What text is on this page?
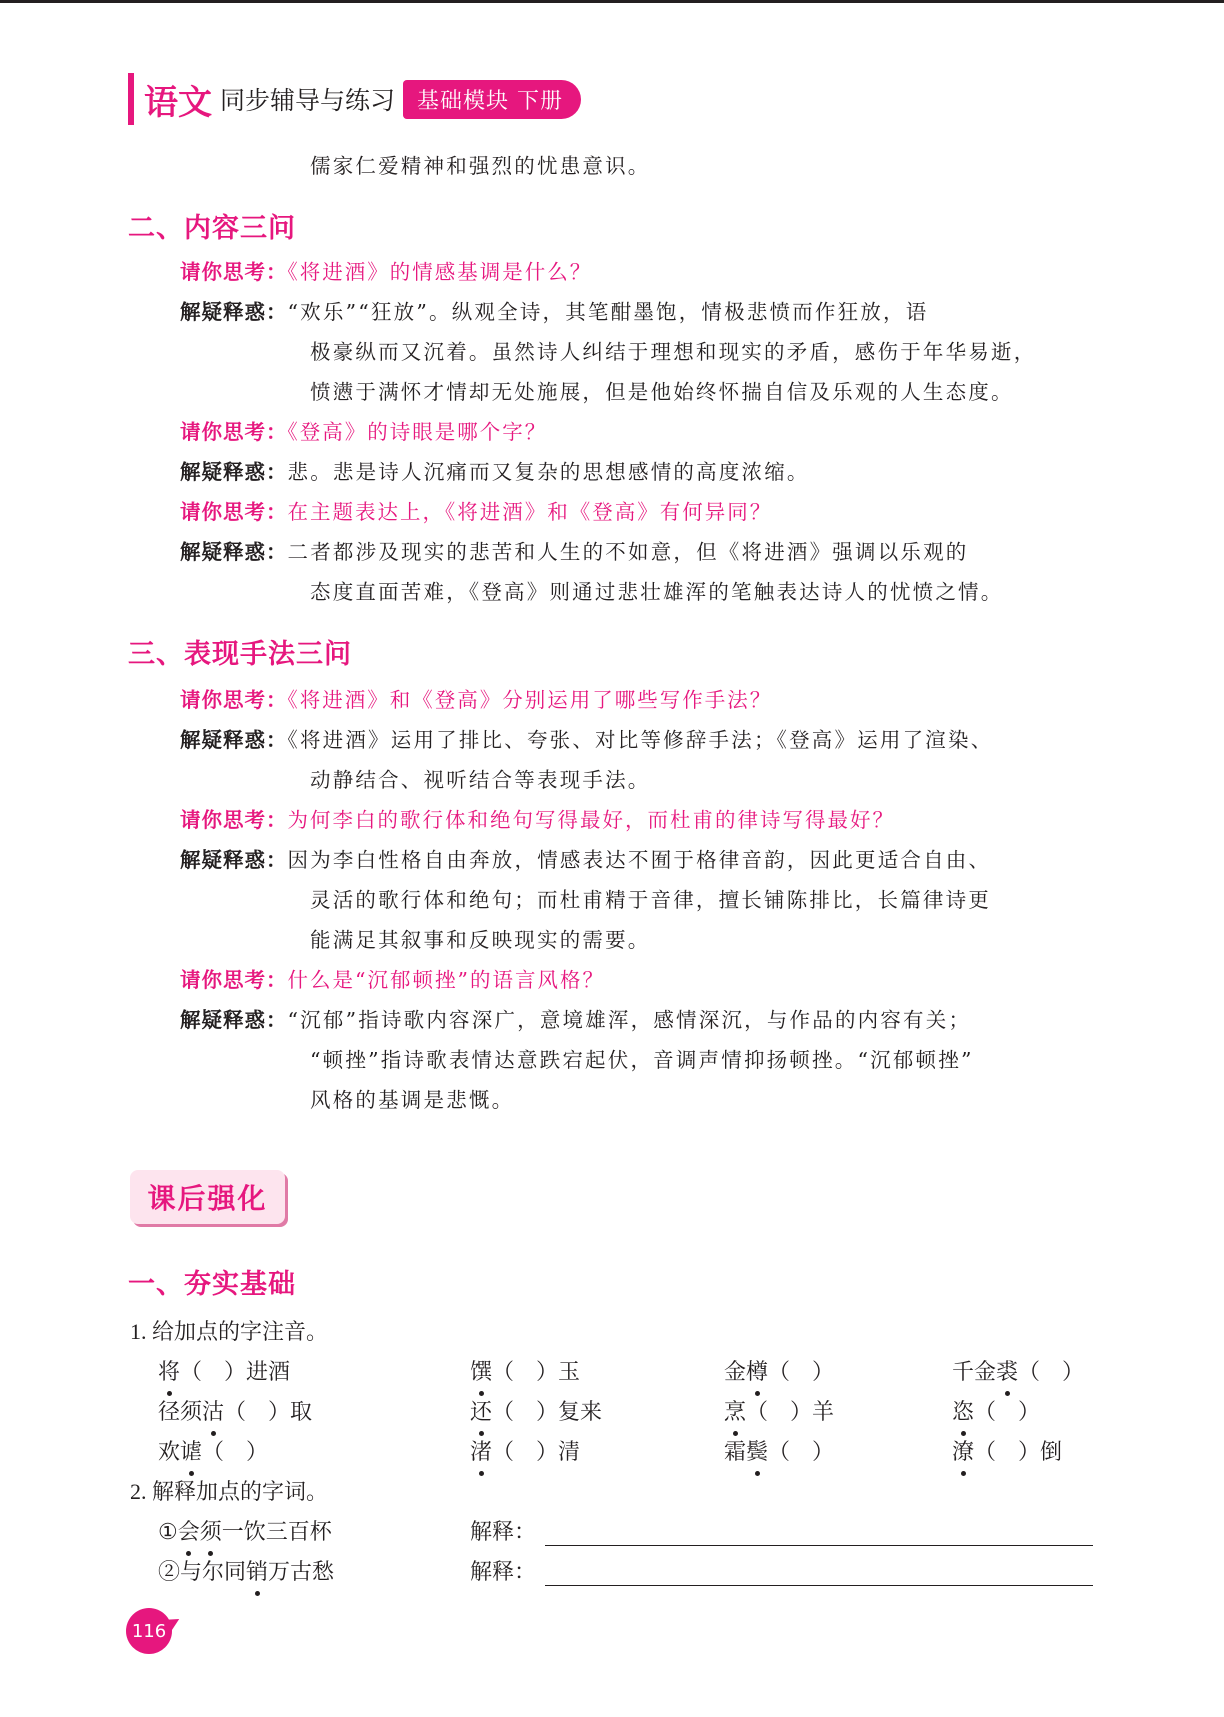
语文 同步辅导与练习	基础模块 下册
儒家仁爱精神和强烈的忧患意识。
二、内容三问
请你思考：《将进酒》的情感基调是什么？
解疑释惑：“欢乐”“狂放”。纵观全诗，其笔酣墨饱，情极悲愤而作狂放，语
极豪纵而又沉着。虽然诗人纠结于理想和现实的矛盾，感伤于年华易逝，
愤懑于满怀才情却无处施展，但是他始终怀揣自信及乐观的人生态度。
请你思考：《登高》的诗眼是哪个字？
解疑释惑：悲。悲是诗人沉痛而又复杂的思想感情的高度浓缩。
请你思考：在主题表达上，《将进酒》和《登高》有何异同？
解疑释惑：二者都涉及现实的悲苦和人生的不如意，但《将进酒》强调以乐观的
态度直面苦难，《登高》则通过悲壮雄浑的笔触表达诗人的忧愤之情。
三、表现手法三问
请你思考：《将进酒》和《登高》分别运用了哪些写作手法？
解疑释惑：《将进酒》运用了排比、夸张、对比等修辞手法；《登高》运用了渲染、
动静结合、视听结合等表现手法。
请你思考：为何李白的歌行体和绝句写得最好，而杜甫的律诗写得最好？
解疑释惑：因为李白性格自由奔放，情感表达不囿于格律音韵，因此更适合自由、
灵活的歌行体和绝句；而杜甫精于音律，擅长铺陈排比，长篇律诗更
能满足其叙事和反映现实的需要。
请你思考：什么是“沉郁顿挫”的语言风格？
解疑释惑：“沉郁”指诗歌内容深广，意境雄浑，感情深沉，与作品的内容有关；
“顿挫”指诗歌表情达意跌宕起伏，音调声情抑扬顿挫。“沉郁顿挫”
风格的基调是悲慨。
课后强化
一、夯实基础
1. 给加点的字注音。
将（　）进酒	馔（　）玉	金樽（　）	千金裘（　）
径须沽（　）取	还（　）复来	烹（　）羊	恣（　）
欢谑（　）	渚（　）清	霜鬓（　）	潦（　）倒
2. 解释加点的字词。
①会须一饮三百杯	解释：
②与尔同销万古愁	解释：
116
